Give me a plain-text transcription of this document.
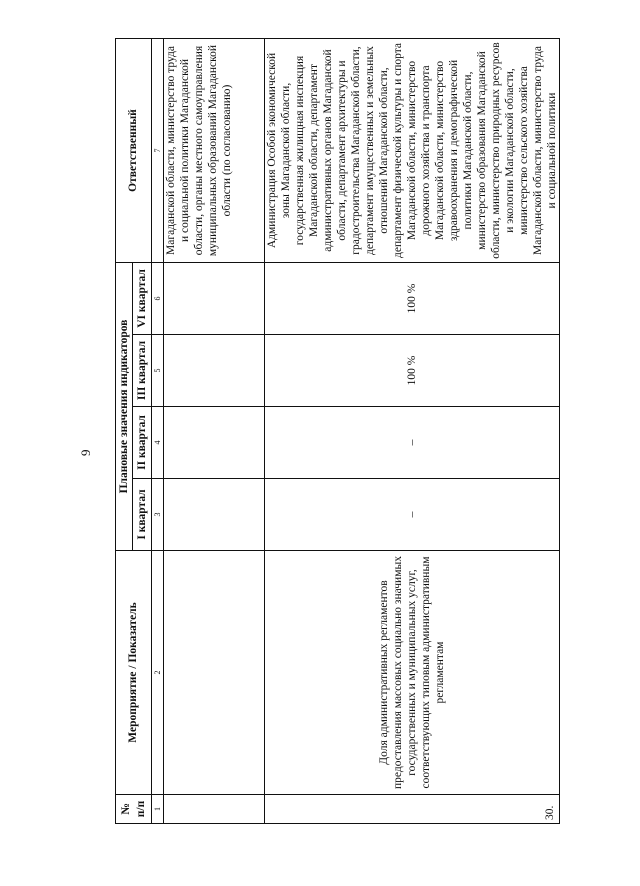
9
№ п/п	Мероприятие / Показатель	Плановые значения индикаторов				Ответственный
		I квартал	II квартал	III квартал	VI квартал	
1	2	3	4	5	6	7
						Магаданской области, министерство труда и социальной политики Магаданской области, органы местного самоуправления муниципальных образований Магаданской области (по согласованию)
30.	Доля административных регламентов предоставления массовых социально значимых государственных и муниципальных услуг, соответствующих типовым административным регламентам	–	–	100 %	100 %	Администрация Особой экономической зоны Магаданской области, государственная жилищная инспекция Магаданской области, департамент административных органов Магаданской области, департамент архитектуры и градостроительства Магаданской области, департамент имущественных и земельных отношений Магаданской области, департамент физической культуры и спорта Магаданской области, министерство дорожного хозяйства и транспорта Магаданской области, министерство здравоохранения и демографической политики Магаданской области, министерство образования Магаданской области, министерство природных ресурсов и экологии Магаданской области, министерство сельского хозяйства Магаданской области, министерство труда и социальной политики
